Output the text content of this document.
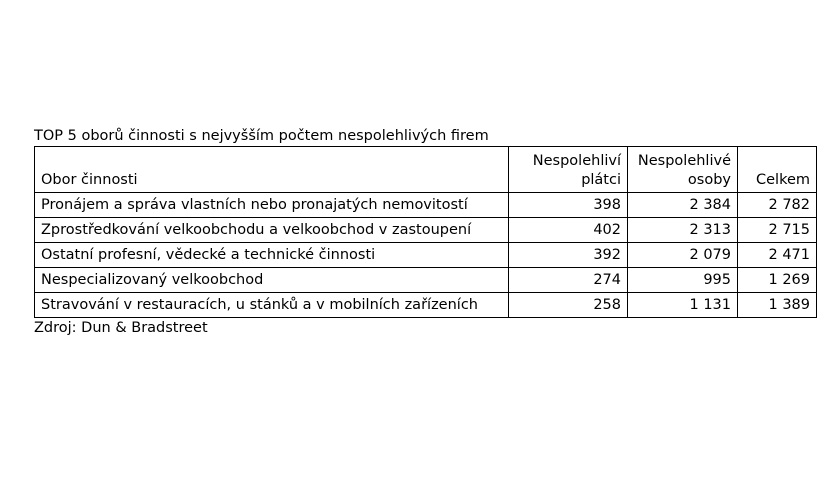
TOP 5 oborů činnosti s nejvyšším počtem nespolehlivých firem
Obor činnosti	Nespolehliví plátci	Nespolehlivé osoby	Celkem
Pronájem a správa vlastních nebo pronajatých nemovitostí	398	2 384	2 782
Zprostředkování velkoobchodu a velkoobchod v zastoupení	402	2 313	2 715
Ostatní profesní, vědecké a technické činnosti	392	2 079	2 471
Nespecializovaný velkoobchod	274	995	1 269
Stravování v restauracích, u stánků a v mobilních zařízeních	258	1 131	1 389
Zdroj: Dun & Bradstreet
